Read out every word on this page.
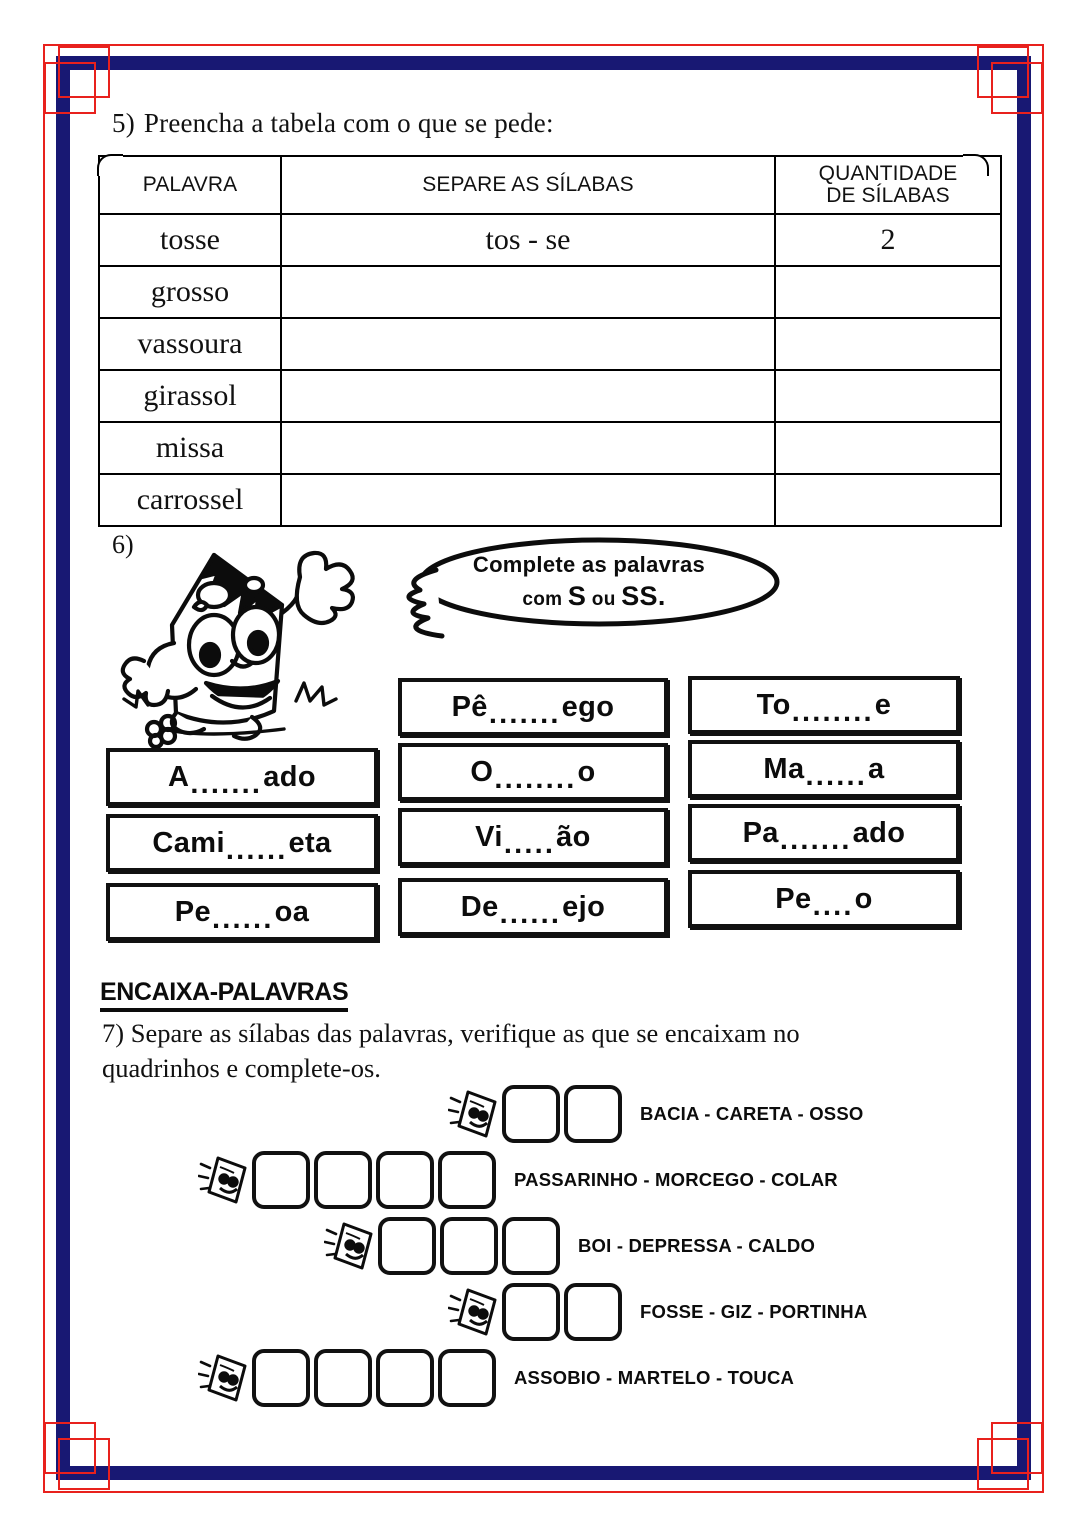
5) Preencha a tabela com o que se pede:
PALAVRA	SEPARE AS SÍLABAS	QUANTIDADE
DE SÍLABAS
tosse	tos - se	2
grosso		
vassoura		
girassol		
missa		
carrossel		
6)
Complete as palavras
com S ou SS.
Pê ....... ego	To ........ e
A ....... ado	O ........ o	Ma ...... a
Cami ...... eta	Vi ..... ão	Pa ....... ado
Pe ...... oa	De ...... ejo	Pe .... o
ENCAIXA-PALAVRAS
7) Separe as sílabas das palavras, verifique as que se encaixam no
quadrinhos e complete-os.
BACIA - CARETA - OSSO
PASSARINHO - MORCEGO - COLAR
BOI - DEPRESSA - CALDO
FOSSE - GIZ - PORTINHA
ASSOBIO - MARTELO - TOUCA
